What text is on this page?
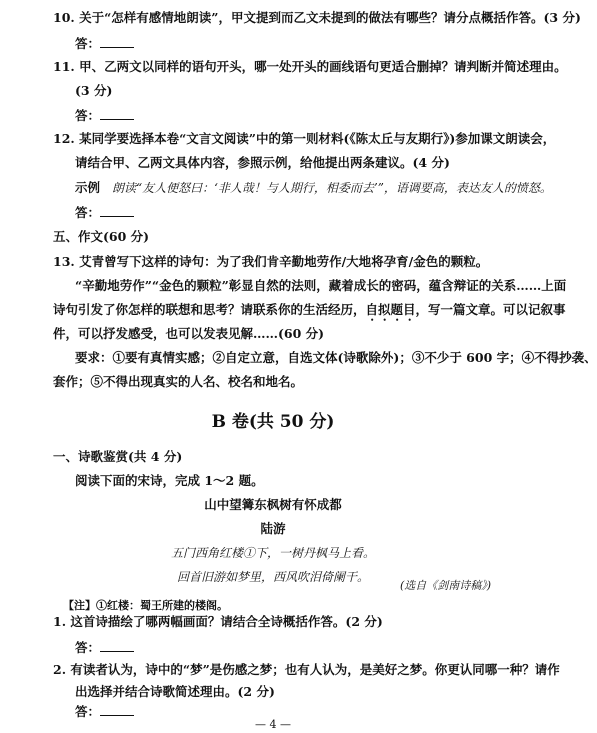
10. 关于“怎样有感情地朗读”，甲文提到而乙文未提到的做法有哪些？请分点概括作答。(3 分)
答：
11. 甲、乙两文以同样的语句开头，哪一处开头的画线语句更适合删掉？请判断并简述理由。
(3 分)
答：
12. 某同学要选择本卷“文言文阅读”中的第一则材料(《陈太丘与友期行》)参加课文朗读会，
请结合甲、乙两文具体内容，参照示例，给他提出两条建议。(4 分)
示例 朗读“友人便怒曰：‘非人哉！与人期行，相委而去’”，语调要高，表达友人的愤怒。
答：
五、作文(60 分)
13. 艾青曾写下这样的诗句：为了我们肯辛勤地劳作/大地将孕育/金色的颗粒。
“辛勤地劳作”“金色的颗粒”彰显自然的法则，藏着成长的密码，蕴含辩证的关系……上面
诗句引发了你怎样的联想和思考？请联系你的生活经历，自拟题目，写一篇文章。可以记叙事
件，可以抒发感受，也可以发表见解……(60 分)
要求：①要有真情实感；②自定立意，自选文体(诗歌除外)；③不少于 600 字；④不得抄袭、
套作；⑤不得出现真实的人名、校名和地名。
B 卷(共 50 分)
一、诗歌鉴赏(共 4 分)
阅读下面的宋诗，完成 1～2 题。
山中望篝东枫树有怀成都
陆游
五门西角红楼①下，一树丹枫马上看。
回首旧游如梦里，西风吹泪倚阑干。
(选自《剑南诗稿》)
【注】①红楼：蜀王所建的楼阁。
1. 这首诗描绘了哪两幅画面？请结合全诗概括作答。(2 分)
答：
2. 有读者认为，诗中的“梦”是伤感之梦；也有人认为，是美好之梦。你更认同哪一种？请作
— 4 —
出选择并结合诗歌简述理由。(2 分)
答：
